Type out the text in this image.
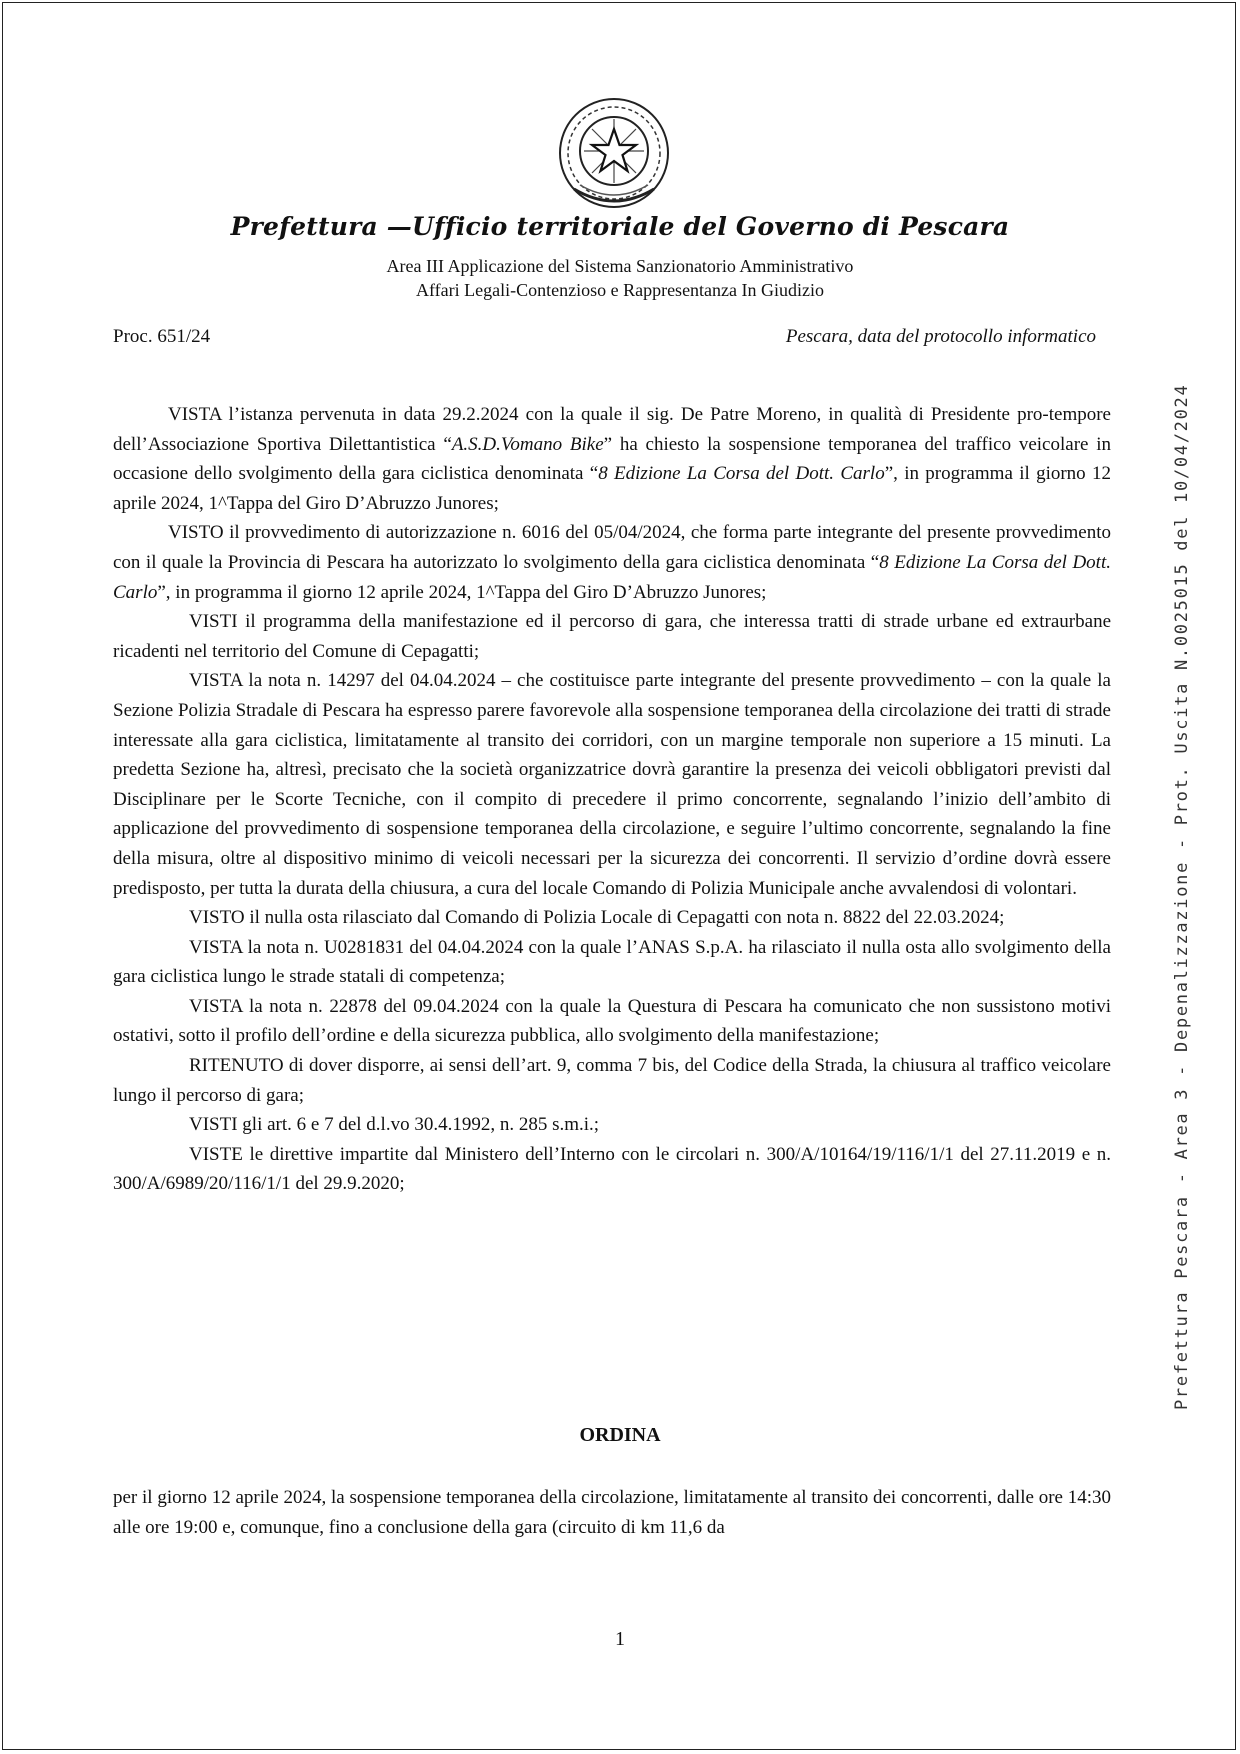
Prefettura —Ufficio territoriale del Governo di Pescara
Area III Applicazione del Sistema Sanzionatorio Amministrativo
Affari Legali-Contenzioso e Rappresentanza In Giudizio
Proc. 651/24	Pescara, data del protocollo informatico
Prefettura Pescara - Area 3 - Depenalizzazione - Prot. Uscita N.0025015 del 10/04/2024

VISTA l’istanza pervenuta in data 29.2.2024 con la quale il sig. De Patre Moreno, in qualità di Presidente pro-tempore dell’Associazione Sportiva Dilettantistica “A.S.D.Vomano Bike” ha chiesto la sospensione temporanea del traffico veicolare in occasione dello svolgimento della gara ciclistica denominata “8 Edizione La Corsa del Dott. Carlo”, in programma il giorno 12 aprile 2024, 1^Tappa del Giro D’Abruzzo Junores;

VISTO il provvedimento di autorizzazione n. 6016 del 05/04/2024, che forma parte integrante del presente provvedimento con il quale la Provincia di Pescara ha autorizzato lo svolgimento della gara ciclistica denominata “8 Edizione La Corsa del Dott. Carlo”, in programma il giorno 12 aprile 2024, 1^Tappa del Giro D’Abruzzo Junores;

VISTI il programma della manifestazione ed il percorso di gara, che interessa tratti di strade urbane ed extraurbane ricadenti nel territorio del Comune di Cepagatti;

VISTA la nota n. 14297 del 04.04.2024 – che costituisce parte integrante del presente provvedimento – con la quale la Sezione Polizia Stradale di Pescara ha espresso parere favorevole alla sospensione temporanea della circolazione dei tratti di strade interessate alla gara ciclistica, limitatamente al transito dei corridori, con un margine temporale non superiore a 15 minuti. La predetta Sezione ha, altresì, precisato che la società organizzatrice dovrà garantire la presenza dei veicoli obbligatori previsti dal Disciplinare per le Scorte Tecniche, con il compito di precedere il primo concorrente, segnalando l’inizio dell’ambito di applicazione del provvedimento di sospensione temporanea della circolazione, e seguire l’ultimo concorrente, segnalando la fine della misura, oltre al dispositivo minimo di veicoli necessari per la sicurezza dei concorrenti. Il servizio d’ordine dovrà essere predisposto, per tutta la durata della chiusura, a cura del locale Comando di Polizia Municipale anche avvalendosi di volontari.

VISTO il nulla osta rilasciato dal Comando di Polizia Locale di Cepagatti con nota n. 8822 del 22.03.2024;

VISTA la nota n. U0281831 del 04.04.2024 con la quale l’ANAS S.p.A. ha rilasciato il nulla osta allo svolgimento della gara ciclistica lungo le strade statali di competenza;

VISTA la nota n. 22878 del 09.04.2024 con la quale la Questura di Pescara ha comunicato che non sussistono motivi ostativi, sotto il profilo dell’ordine e della sicurezza pubblica, allo svolgimento della manifestazione;

RITENUTO di dover disporre, ai sensi dell’art. 9, comma 7 bis, del Codice della Strada, la chiusura al traffico veicolare lungo il percorso di gara;

VISTI gli art. 6 e 7 del d.l.vo 30.4.1992, n. 285 s.m.i.;

VISTE le direttive impartite dal Ministero dell’Interno con le circolari n. 300/A/10164/19/116/1/1 del 27.11.2019 e n. 300/A/6989/20/116/1/1 del 29.9.2020;

ORDINA

per il giorno 12 aprile 2024, la sospensione temporanea della circolazione, limitatamente al transito dei concorrenti, dalle ore 14:30 alle ore 19:00 e, comunque, fino a conclusione della gara (circuito di km 11,6 da

1
